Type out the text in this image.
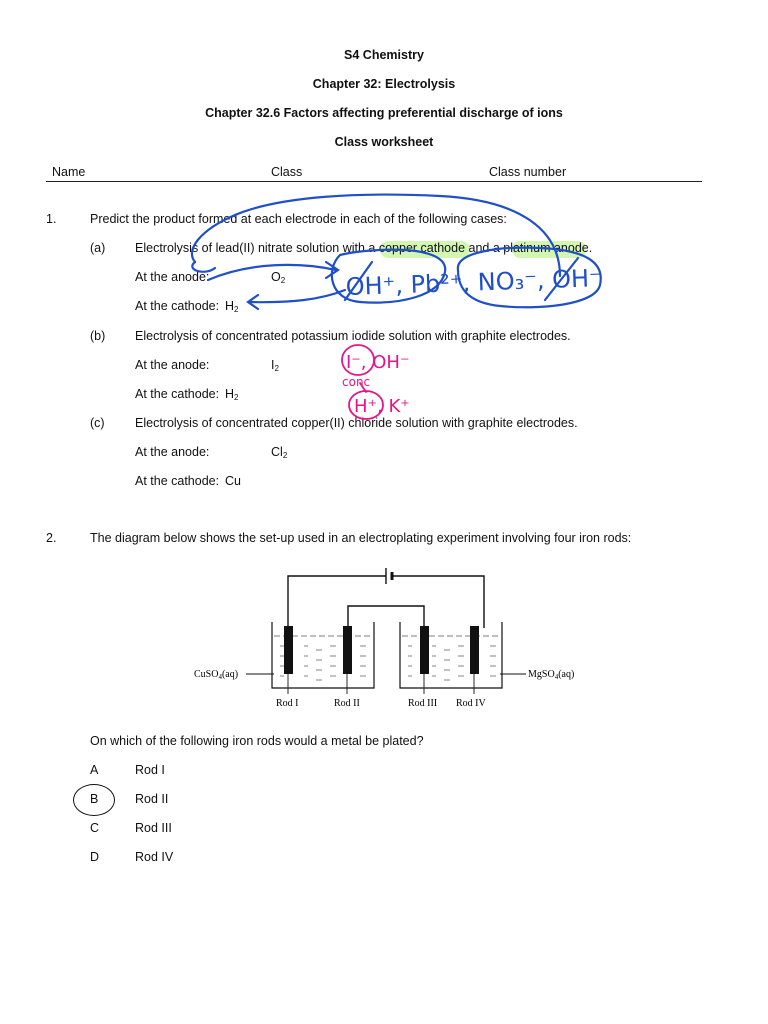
S4 Chemistry
Chapter 32: Electrolysis
Chapter 32.6 Factors affecting preferential discharge of ions
Class worksheet
Name	Class	Class number
1.	Predict the product formed at each electrode in each of the following cases:
(a) Electrolysis of lead(II) nitrate solution with a copper cathode and a platinum anode.
At the anode:	$O_2$
At the cathode: $H_2$
(b) Electrolysis of concentrated potassium iodide solution with graphite electrodes.
At the anode:	$I_2$
At the cathode: $H_2$
(c) Electrolysis of concentrated copper(II) chloride solution with graphite electrodes.
At the anode:	$Cl_2$
At the cathode: Cu
2.	The diagram below shows the set-up used in an electroplating experiment involving four iron rods:
CuSO$_4$(aq)	MgSO$_4$(aq)
Rod I	Rod II	Rod III Rod IV
On which of the following iron rods would a metal be plated?
A	Rod I
B	Rod II
C	Rod III
D	Rod IV
OH⁺, Pb²⁺, NO₃⁻, OH⁻
I⁻, OH⁻
conc
H⁺, K⁺
